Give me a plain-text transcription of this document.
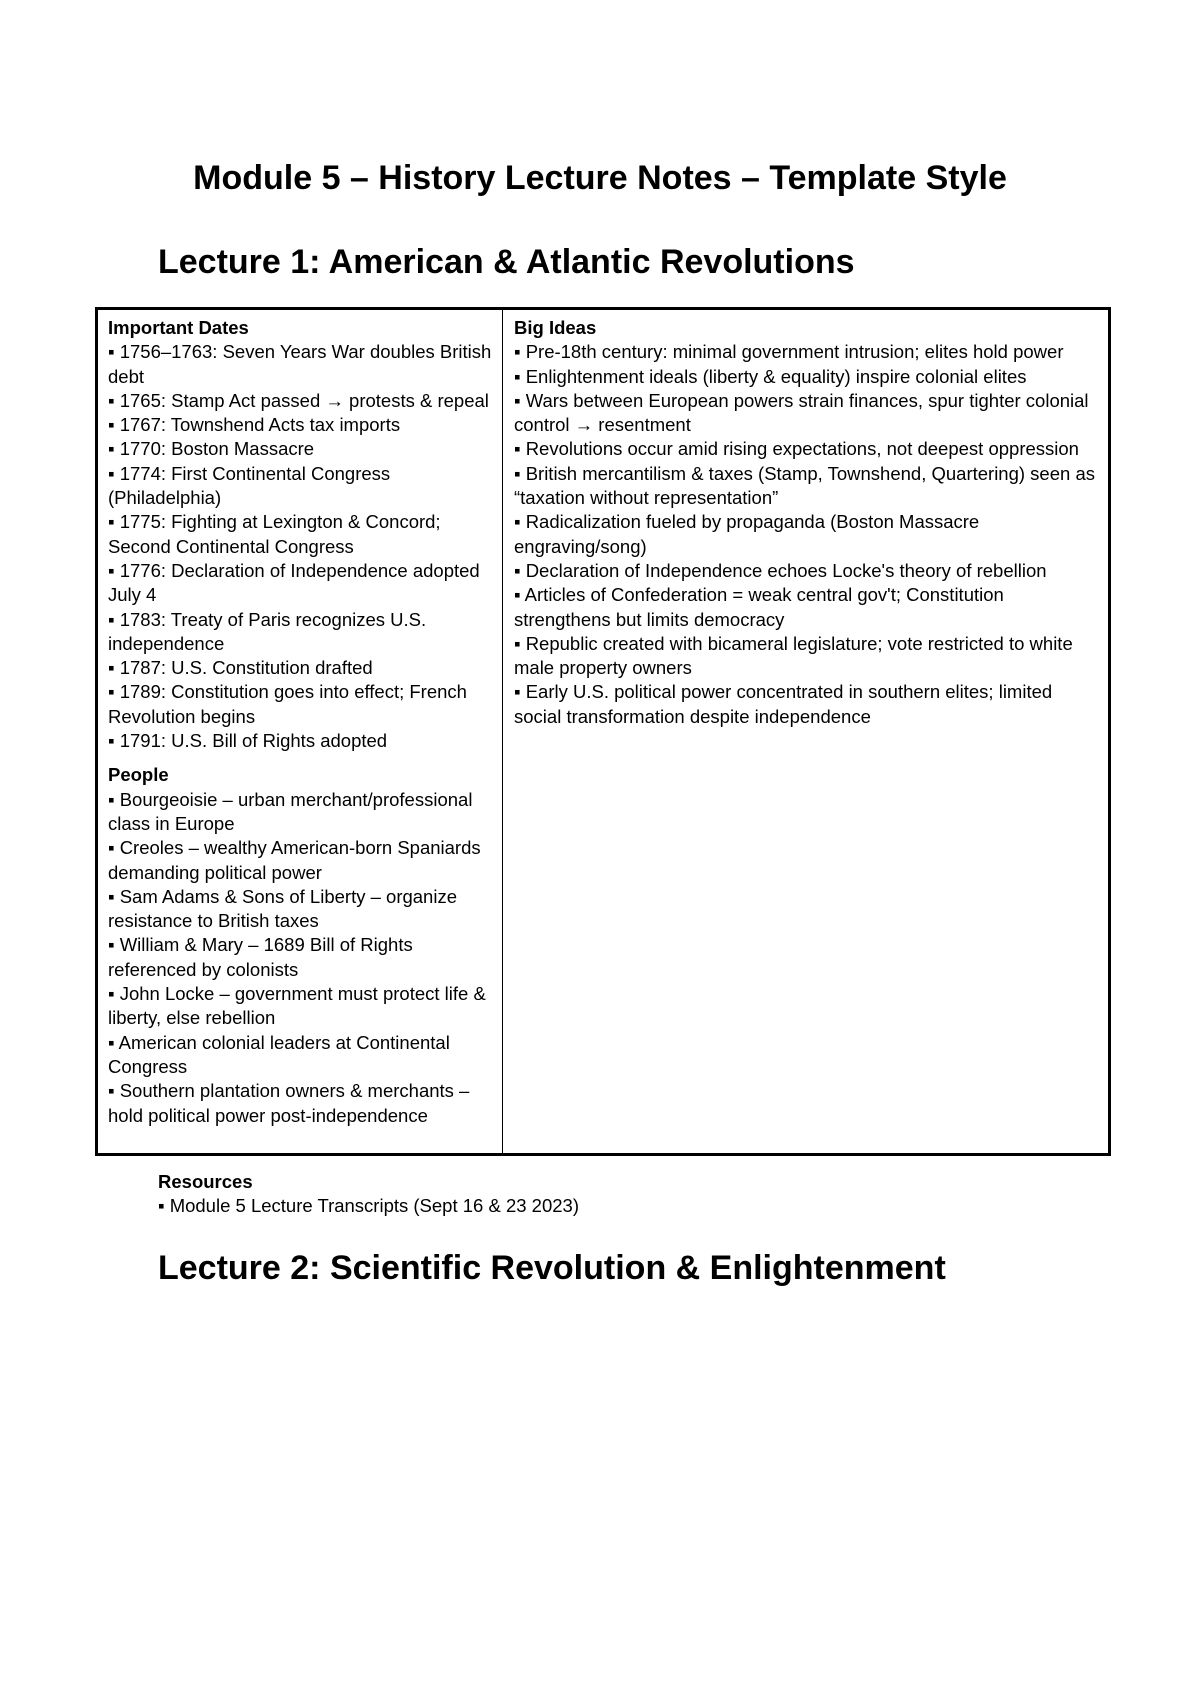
Module 5 – History Lecture Notes – Template Style
Lecture 1: American & Atlantic Revolutions
Important Dates
▪ 1756–1763: Seven Years War doubles British debt
▪ 1765: Stamp Act passed → protests & repeal
▪ 1767: Townshend Acts tax imports
▪ 1770: Boston Massacre
▪ 1774: First Continental Congress (Philadelphia)
▪ 1775: Fighting at Lexington & Concord; Second Continental Congress
▪ 1776: Declaration of Independence adopted July 4
▪ 1783: Treaty of Paris recognizes U.S. independence
▪ 1787: U.S. Constitution drafted
▪ 1789: Constitution goes into effect; French Revolution begins
▪ 1791: U.S. Bill of Rights adopted
People
▪ Bourgeoisie – urban merchant/professional class in Europe
▪ Creoles – wealthy American-born Spaniards demanding political power
▪ Sam Adams & Sons of Liberty – organize resistance to British taxes
▪ William & Mary – 1689 Bill of Rights referenced by colonists
▪ John Locke – government must protect life & liberty, else rebellion
▪ American colonial leaders at Continental Congress
▪ Southern plantation owners & merchants – hold political power post-independence
Big Ideas
▪ Pre-18th century: minimal government intrusion; elites hold power
▪ Enlightenment ideals (liberty & equality) inspire colonial elites
▪ Wars between European powers strain finances, spur tighter colonial control → resentment
▪ Revolutions occur amid rising expectations, not deepest oppression
▪ British mercantilism & taxes (Stamp, Townshend, Quartering) seen as “taxation without representation”
▪ Radicalization fueled by propaganda (Boston Massacre engraving/song)
▪ Declaration of Independence echoes Locke's theory of rebellion
▪ Articles of Confederation = weak central gov't; Constitution strengthens but limits democracy
▪ Republic created with bicameral legislature; vote restricted to white male property owners
▪ Early U.S. political power concentrated in southern elites; limited social transformation despite independence
Resources
▪ Module 5 Lecture Transcripts (Sept 16 & 23 2023)
Lecture 2: Scientific Revolution & Enlightenment
